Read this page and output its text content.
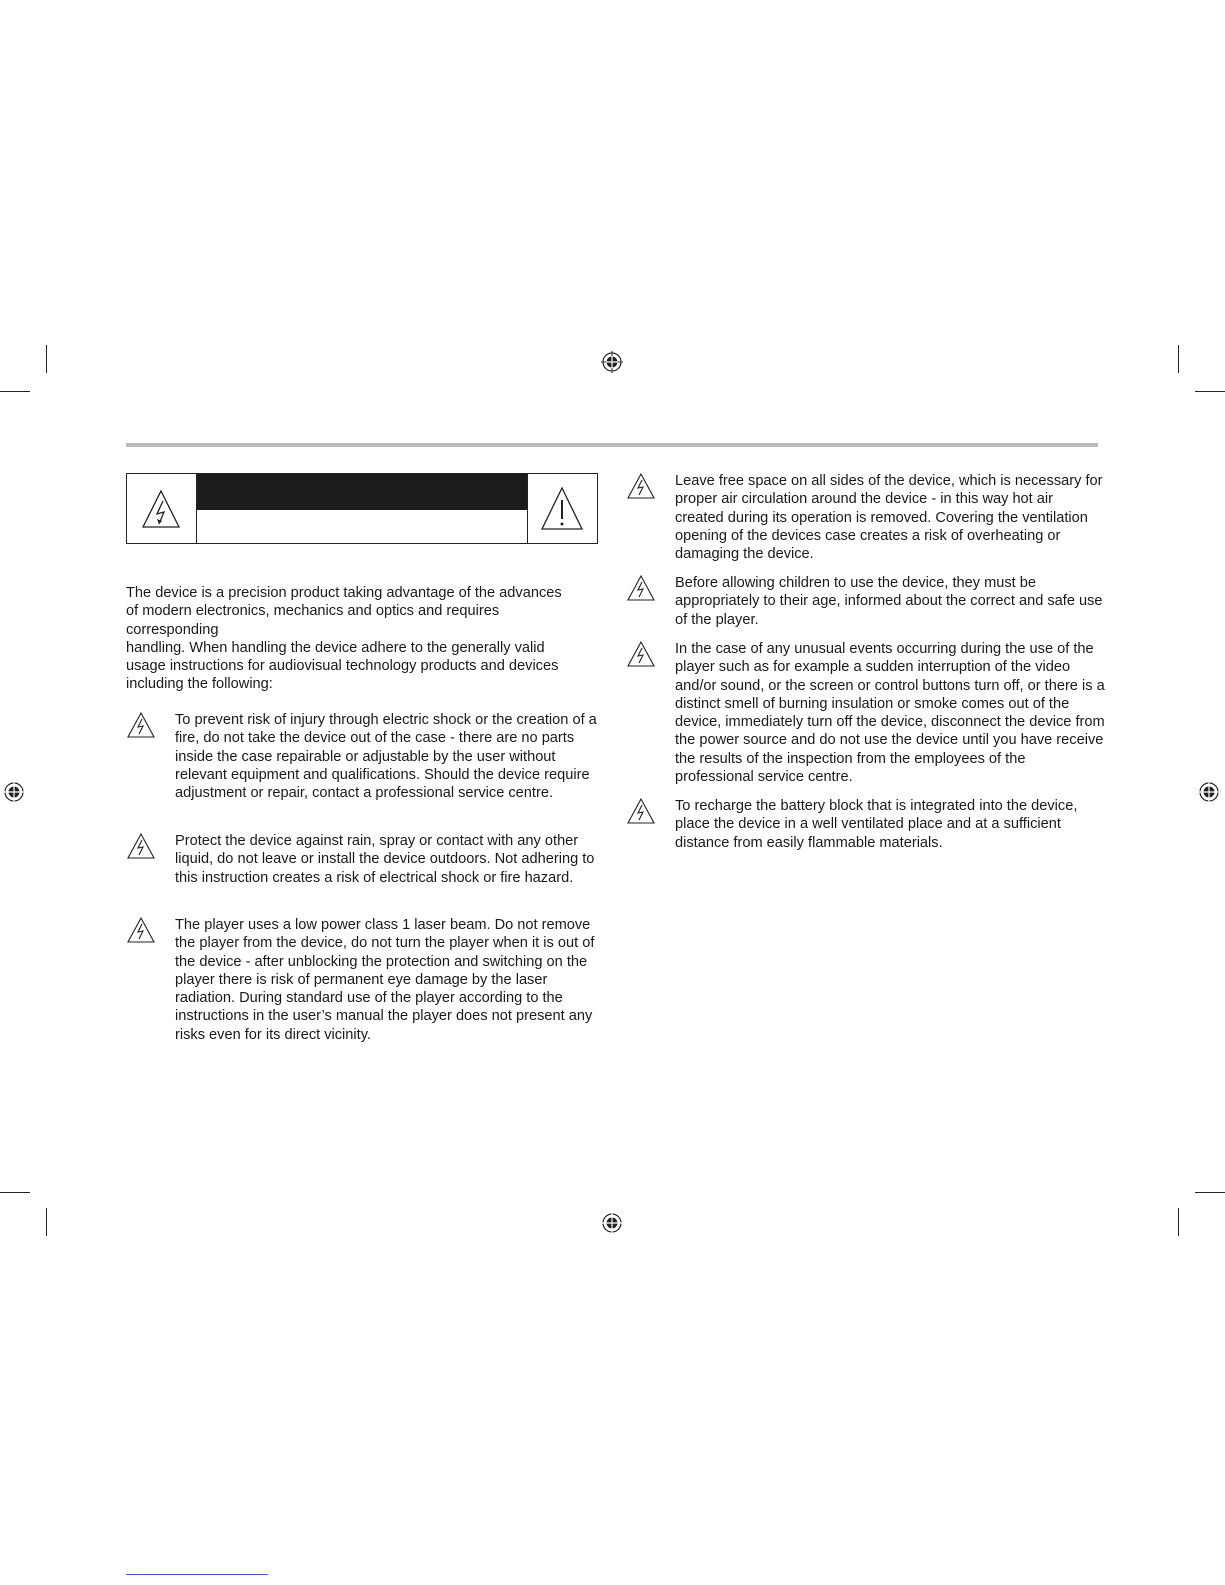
The device is a precision product taking advantage of the advances
of modern electronics, mechanics and optics and requires
corresponding
handling. When handling the device adhere to the generally valid
usage instructions for audiovisual technology products and devices
including the following:
To prevent risk of injury through electric shock or the creation of a fire, do not take the device out of the case - there are no parts inside the case repairable or adjustable by the user without relevant equipment and qualifications. Should the device require adjustment or repair, contact a professional service centre.
Protect the device against rain, spray or contact with any other liquid, do not leave or install the device outdoors. Not adhering to this instruction creates a risk of electrical shock or fire hazard.
The player uses a low power class 1 laser beam. Do not remove the player from the device, do not turn the player when it is out of the device - after unblocking the protection and switching on the player there is risk of permanent eye damage by the laser radiation. During standard use of the player according to the instructions in the user’s manual the player does not present any risks even for its direct vicinity.
Leave free space on all sides of the device, which is necessary for proper air circulation around the device - in this way hot air created during its operation is removed. Covering the ventilation opening of the devices case creates a risk of overheating or damaging the device.
Before allowing children to use the device, they must be appropriately to their age, informed about the correct and safe use of the player.
In the case of any unusual events occurring during the use of the player such as for example a sudden interruption of the video and/or sound, or the screen or control buttons turn off, or there is a distinct smell of burning insulation or smoke comes out of the device, immediately turn off the device, disconnect the device from the power source and do not use the device until you have receive the results of the inspection from the employees of the professional service centre.
To recharge the battery block that is integrated into the device, place the device in a well ventilated place and at a sufficient distance from easily flammable materials.
